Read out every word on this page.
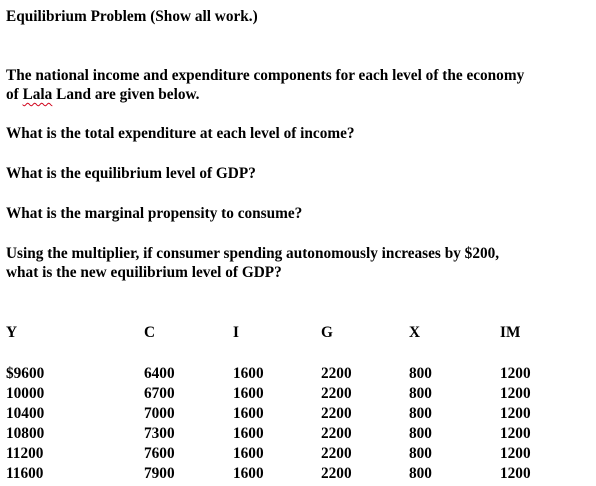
Equilibrium Problem (Show all work.)
The national income and expenditure components for each level of the economy
of Lala Land are given below.
What is the total expenditure at each level of income?
What is the equilibrium level of GDP?
What is the marginal propensity to consume?
Using the multiplier, if consumer spending autonomously increases by $200,
what is the new equilibrium level of GDP?
Y	C	I	G	X	IM

$9600	6400	1600	2200	800	1200
10000	6700	1600	2200	800	1200
10400	7000	1600	2200	800	1200
10800	7300	1600	2200	800	1200
11200	7600	1600	2200	800	1200
11600	7900	1600	2200	800	1200
